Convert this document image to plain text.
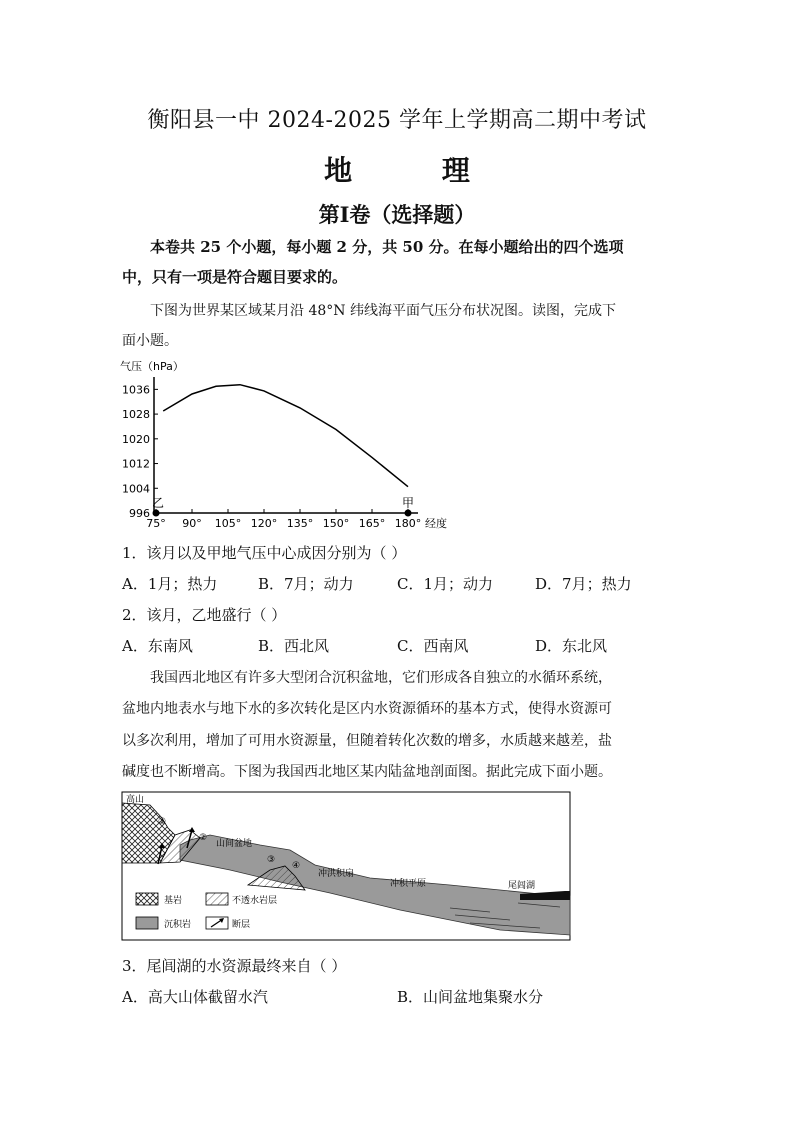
衡阳县一中 2024-2025 学年上学期高二期中考试
地 理
第Ⅰ卷（选择题）
本卷共 25 个小题，每小题 2 分，共 50 分。在每小题给出的四个选项
中，只有一项是符合题目要求的。
下图为世界某区域某月沿 48°N 纬线海平面气压分布状况图。读图，完成下
面小题。
气压（hPa）
996
1004
1012
1020
1028
1036
75° 90° 105° 120° 135° 150° 165° 180°
乙	甲
经度
1．该月以及甲地气压中心成因分别为（ ）
A．1月；热力	B．7月；动力	C．1月；动力	D．7月；热力
2．该月，乙地盛行（ ）
A．东南风	B．西北风	C．西南风	D．东北风
我国西北地区有许多大型闭合沉积盆地，它们形成各自独立的水循环系统，
盆地内地表水与地下水的多次转化是区内水资源循环的基本方式，使得水资源可
以多次利用，增加了可用水资源量，但随着转化次数的增多，水质越来越差，盐
碱度也不断增高。下图为我国西北地区某内陆盆地剖面图。据此完成下面小题。
高山
①
②
山间盆地
③
④
冲洪积扇
冲积平原	尾闾湖
基岩	不透水岩层
沉积岩	断层
3．尾闾湖的水资源最终来自（ ）
A．高大山体截留水汽	B．山间盆地集聚水分
